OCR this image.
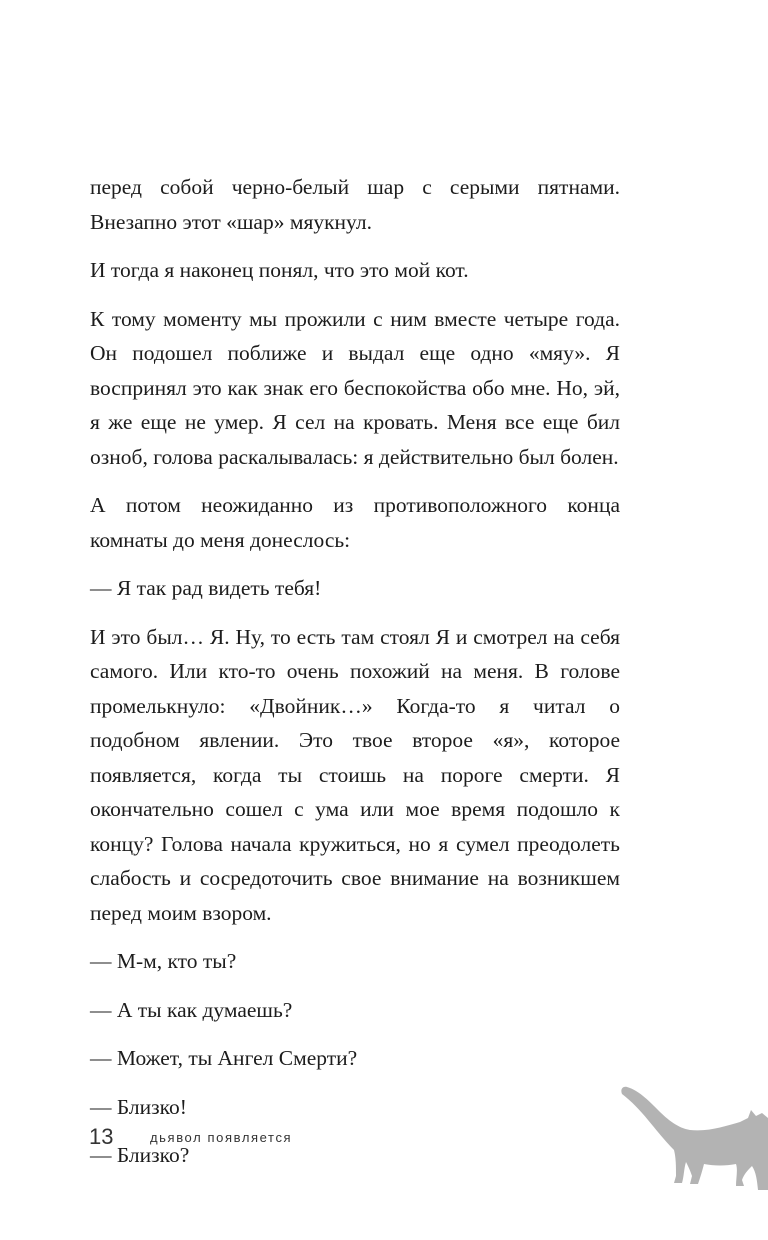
перед собой черно-белый шар с серыми пятнами. Внезапно этот «шар» мяукнул.

И тогда я наконец понял, что это мой кот.

К тому моменту мы прожили с ним вместе четыре года. Он подошел поближе и выдал еще одно «мяу». Я воспринял это как знак его беспокойства обо мне. Но, эй, я же еще не умер. Я сел на кровать. Меня все еще бил озноб, голова раскалывалась: я действительно был болен.

А потом неожиданно из противоположного конца комнаты до меня донеслось:

— Я так рад видеть тебя!

И это был… Я. Ну, то есть там стоял Я и смотрел на себя самого. Или кто-то очень похожий на меня. В голове промелькнуло: «Двойник…» Когда-то я читал о подобном явлении. Это твое второе «я», которое появляется, когда ты стоишь на пороге смерти. Я окончательно сошел с ума или мое время подошло к концу? Голова начала кружиться, но я сумел преодолеть слабость и сосредоточить свое внимание на возникшем перед моим взором.

— М-м, кто ты?

— А ты как думаешь?

— Может, ты Ангел Смерти?

— Близко!

— Близко?

13	дьявол появляется
